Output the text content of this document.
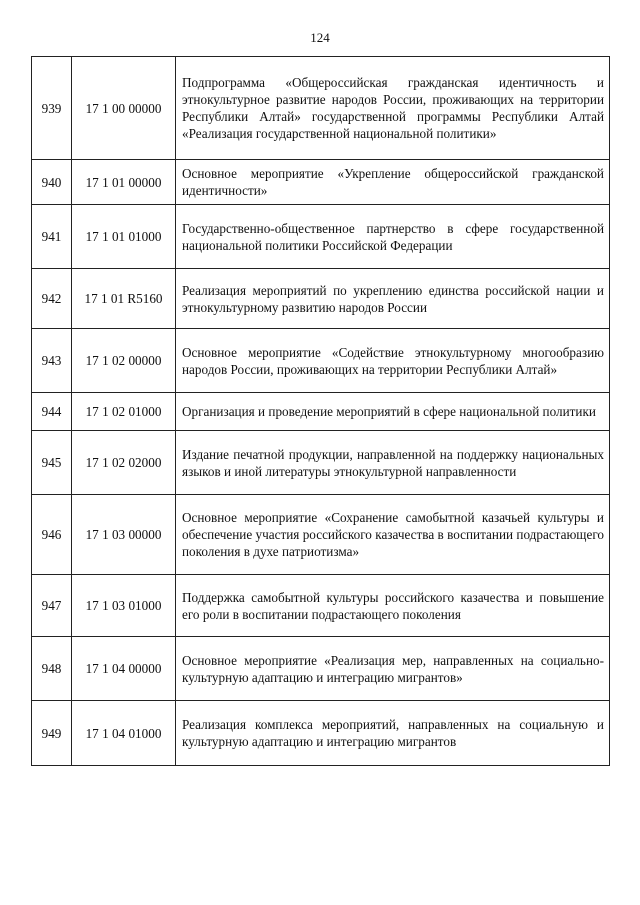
124
939	17 1 00 00000	Подпрограмма «Общероссийская гражданская идентичность и этнокультурное развитие народов России, проживающих на территории Республики Алтай» государственной программы Республики Алтай «Реализация государственной национальной политики»
940	17 1 01 00000	Основное мероприятие «Укрепление общероссийской гражданской идентичности»
941	17 1 01 01000	Государственно-общественное партнерство в сфере государственной национальной политики Российской Федерации
942	17 1 01 R5160	Реализация мероприятий по укреплению единства российской нации и этнокультурному развитию народов России
943	17 1 02 00000	Основное мероприятие «Содействие этнокультурному многообразию народов России, проживающих на территории Республики Алтай»
944	17 1 02 01000	Организация и проведение мероприятий в сфере национальной политики
945	17 1 02 02000	Издание печатной продукции, направленной на поддержку национальных языков и иной литературы этнокультурной направленности
946	17 1 03 00000	Основное мероприятие «Сохранение самобытной казачьей культуры и обеспечение участия российского казачества в воспитании подрастающего поколения в духе патриотизма»
947	17 1 03 01000	Поддержка самобытной культуры российского казачества и повышение его роли в воспитании подрастающего поколения
948	17 1 04 00000	Основное мероприятие «Реализация мер, направленных на социально-культурную адаптацию и интеграцию мигрантов»
949	17 1 04 01000	Реализация комплекса мероприятий, направленных на социальную и культурную адаптацию и интеграцию мигрантов
